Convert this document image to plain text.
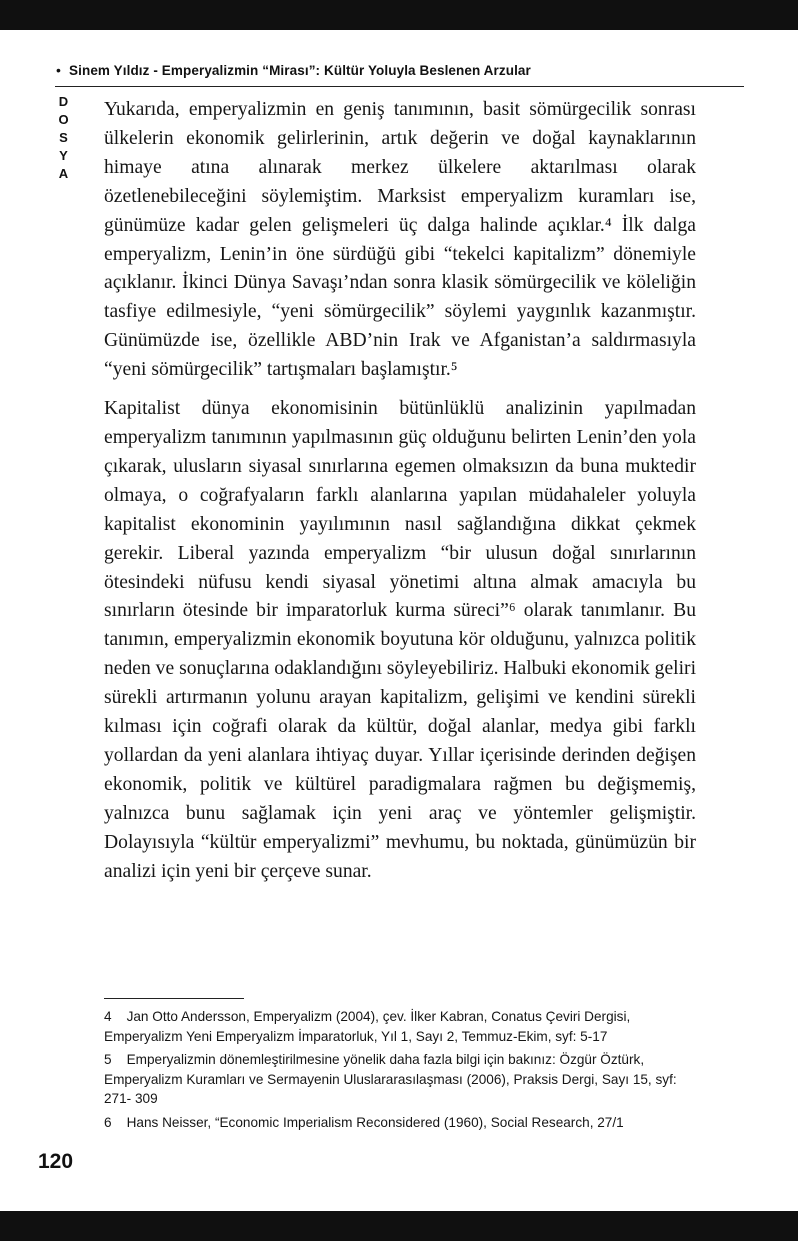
• Sinem Yıldız - Emperyalizmin “Mirası”: Kültür Yoluyla Beslenen Arzular
DOSYA Yukarıda, emperyalizmin en geniş tanımının, basit sömürgecilik sonrası ülkelerin ekonomik gelirlerinin, artık değerin ve doğal kaynaklarının himaye atına alınarak merkez ülkelere aktarılması olarak özetlenebileceğini söylemiştim. Marksist emperyalizm kuramları ise, günümüze kadar gelen gelişmeleri üç dalga halinde açıklar.⁴ İlk dalga emperyalizm, Lenin’in öne sürdüğü gibi “tekelci kapitalizm” dönemiyle açıklanır. İkinci Dünya Savaşı’ndan sonra klasik sömürgecilik ve köleliğin tasfiye edilmesiyle, “yeni sömürgecilik” söylemi yaygınlık kazanmıştır. Günümüzde ise, özellikle ABD’nin Irak ve Afganistan’a saldırmasıyla “yeni sömürgecilik” tartışmaları başlamıştır.⁵

Kapitalist dünya ekonomisinin bütünlüklü analizinin yapılmadan emperyalizm tanımının yapılmasının güç olduğunu belirten Lenin’den yola çıkarak, ulusların siyasal sınırlarına egemen olmaksızın da buna muktedir olmaya, o coğrafyaların farklı alanlarına yapılan müdahaleler yoluyla kapitalist ekonominin yayılımının nasıl sağlandığına dikkat çekmek gerekir. Liberal yazında emperyalizm “bir ulusun doğal sınırlarının ötesindeki nüfusu kendi siyasal yönetimi altına almak amacıyla bu sınırların ötesinde bir imparatorluk kurma süreci”⁶ olarak tanımlanır. Bu tanımın, emperyalizmin ekonomik boyutuna kör olduğunu, yalnızca politik neden ve sonuçlarına odaklandığını söyleyebiliriz. Halbuki ekonomik geliri sürekli artırmanın yolunu arayan kapitalizm, gelişimi ve kendini sürekli kılması için coğrafi olarak da kültür, doğal alanlar, medya gibi farklı yollardan da yeni alanlara ihtiyaç duyar. Yıllar içerisinde derinden değişen ekonomik, politik ve kültürel paradigmalara rağmen bu değişmemiş, yalnızca bunu sağlamak için yeni araç ve yöntemler gelişmiştir. Dolayısıyla “kültür emperyalizmi” mevhumu, bu noktada, günümüzün bir analizi için yeni bir çerçeve sunar.

4 Jan Otto Andersson, Emperyalizm (2004), çev. İlker Kabran, Conatus Çeviri Dergisi, Emperyalizm Yeni Emperyalizm İmparatorluk, Yıl 1, Sayı 2, Temmuz-Ekim, syf: 5-17
5 Emperyalizmin dönemleştirilmesine yönelik daha fazla bilgi için bakınız: Özgür Öztürk, Emperyalizm Kuramları ve Sermayenin Uluslararasılaşması (2006), Praksis Dergi, Sayı 15, syf: 271- 309
6 Hans Neisser, “Economic Imperialism Reconsidered (1960), Social Research, 27/1
120
